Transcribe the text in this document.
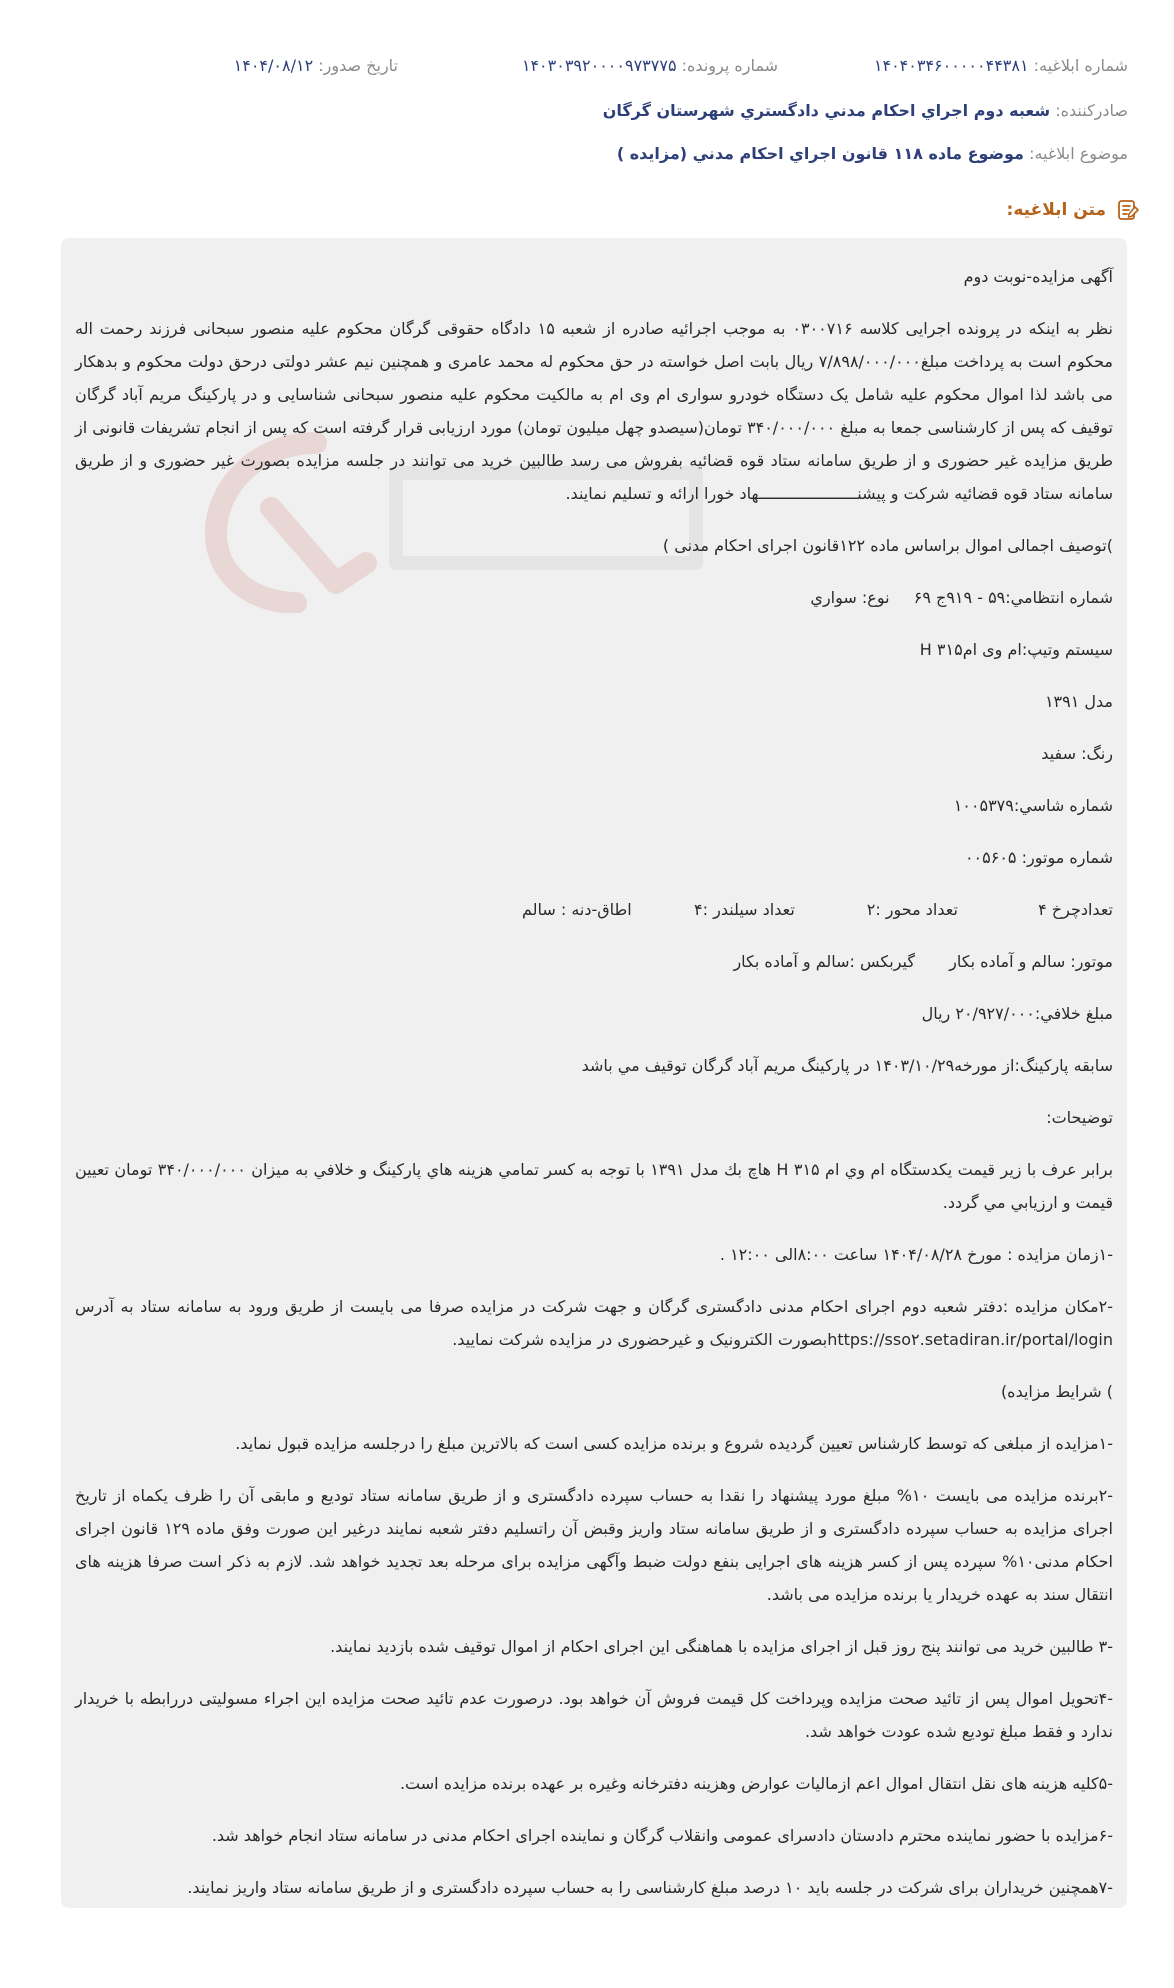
شماره ابلاغيه: ۱۴۰۴۰۳۴۶۰۰۰۰۰۴۴۳۸۱
شماره پرونده: ۱۴۰۳۰۳۹۲۰۰۰۰۹۷۳۷۷۵
تاريخ صدور: ۱۴۰۴/۰۸/۱۲
صادركننده: شعبه دوم اجراي احكام مدني دادگستري شهرستان گرگان
موضوع ابلاغيه: موضوع ماده ۱۱۸ قانون اجراي احكام مدني (مزايده )
متن ابلاغيه:

آگهی مزایده-نوبت دوم

نظر به اینکه در پرونده اجرایی کلاسه ۰۳۰۰۷۱۶ به موجب اجرائیه صادره از شعبه ۱۵ دادگاه حقوقی گرگان محکوم علیه منصور سبحانی فرزند رحمت اله محکوم است به پرداخت مبلغ۷/۸۹۸/۰۰۰/۰۰۰ ریال بابت اصل خواسته در حق محکوم له محمد عامری و همچنین نیم عشر دولتی درحق دولت محکوم و بدهکار می باشد لذا اموال محکوم علیه شامل یک دستگاه خودرو سواری ام وی ام به مالکیت محکوم علیه منصور سبحانی شناسایی و در پارکینگ مریم آباد گرگان توقیف که پس از کارشناسی جمعا به مبلغ ۳۴۰/۰۰۰/۰۰۰ تومان(سیصدو چهل میلیون تومان) مورد ارزیابی قرار گرفته است که پس از انجام تشریفات قانونی از طریق مزایده غیر حضوری و از طریق سامانه ستاد قوه قضائیه بفروش می رسد طالبین خرید می توانند در جلسه مزایده بصورت غیر حضوری و از طریق سامانه ستاد قوه قضائیه شرکت و پیشنـــــــــــــــــــــهاد خورا ارائه و تسلیم نمایند.

)توصيف اجمالی اموال براساس ماده ۱۲۲قانون اجرای احکام مدنی )

شماره انتظامي:۵۹ - ۹۱۹ج ۶۹  نوع: سواري

سيستم وتيپ:ام وی امH ۳۱۵

مدل ۱۳۹۱

رنگ: سفيد

شماره شاسي:۱۰۰۵۳۷۹

شماره موتور: ۰۰۵۶۰۵

تعدادچرخ ۴ تعداد محور :۲ تعداد سيلندر :۴ اطاق-دنه : سالم
موتور: سالم و آماده بكار  گيربكس :سالم و آماده بكار

مبلغ خلافي:۲۰/۹۲۷/۰۰۰ ريال

سابقه پاركينگ:از مورخه۱۴۰۳/۱۰/۲۹ در پاركينگ مريم آباد گرگان توقيف مي باشد

توضيحات:

برابر عرف با زير قيمت يكدستگاه ام وي ام ۳۱۵ H هاچ بك مدل ۱۳۹۱ با توجه به كسر تمامي هزينه هاي پاركينگ و خلافي به ميزان ۳۴۰/۰۰۰/۰۰۰ تومان تعيين قيمت و ارزيابي مي گردد.

-۱زمان مزايده : مورخ ۱۴۰۴/۰۸/۲۸ ساعت ۸:۰۰الی ۱۲:۰۰ .

-۲مکان مزایده :دفتر شعبه دوم اجرای احکام مدنی دادگستری گرگان و جهت شرکت در مزایده صرفا می بایست از طریق ورود به سامانه ستاد به آدرس https://sso۲.setadiran.ir/portal/loginبصورت الکترونیک و غیرحضوری در مزایده شرکت نمایید.

) شرايط مزايده)

-۱مزایده از مبلغی که توسط کارشناس تعیین گردیده شروع و برنده مزایده کسی است که بالاترین مبلغ را درجلسه مزایده قبول نماید.

-۲برنده مزایده می بایست ۱۰% مبلغ مورد پیشنهاد را نقدا به حساب سپرده دادگستری و از طریق سامانه ستاد تودیع و مابقی آن را ظرف یکماه از تاریخ اجرای مزایده به حساب سپرده دادگستری و از طریق سامانه ستاد واریز وقبض آن راتسلیم دفتر شعبه نمایند درغیر این صورت وفق ماده ۱۲۹ قانون اجرای احکام مدنی۱۰% سپرده پس از کسر هزینه های اجرایی بنفع دولت ضبط وآگهی مزایده برای مرحله بعد تجدید خواهد شد. لازم به ذکر است صرفا هزینه های انتقال سند به عهده خریدار یا برنده مزایده می باشد.

-۳ طالبین خرید می توانند پنج روز قبل از اجرای مزایده با هماهنگی این اجرای احکام از اموال توقیف شده بازدید نمایند.

-۴تحویل اموال پس از تائید صحت مزایده وپرداخت کل قیمت فروش آن خواهد بود. درصورت عدم تائید صحت مزایده این اجراء مسولیتی دررابطه با خریدار ندارد و فقط مبلغ تودیع شده عودت خواهد شد.

-۵کلیه هزینه های نقل انتقال اموال اعم ازمالیات عوارض وهزینه دفترخانه وغیره بر عهده برنده مزایده است.

-۶مزایده با حضور نماینده محترم دادستان دادسرای عمومی وانقلاب گرگان و نماینده اجرای احکام مدنی در سامانه ستاد انجام خواهد شد.

-۷همچنین خریداران برای شرکت در جلسه باید ۱۰ درصد مبلغ کارشناسی را به حساب سپرده دادگستری و از طریق سامانه ستاد واریز نمایند.
